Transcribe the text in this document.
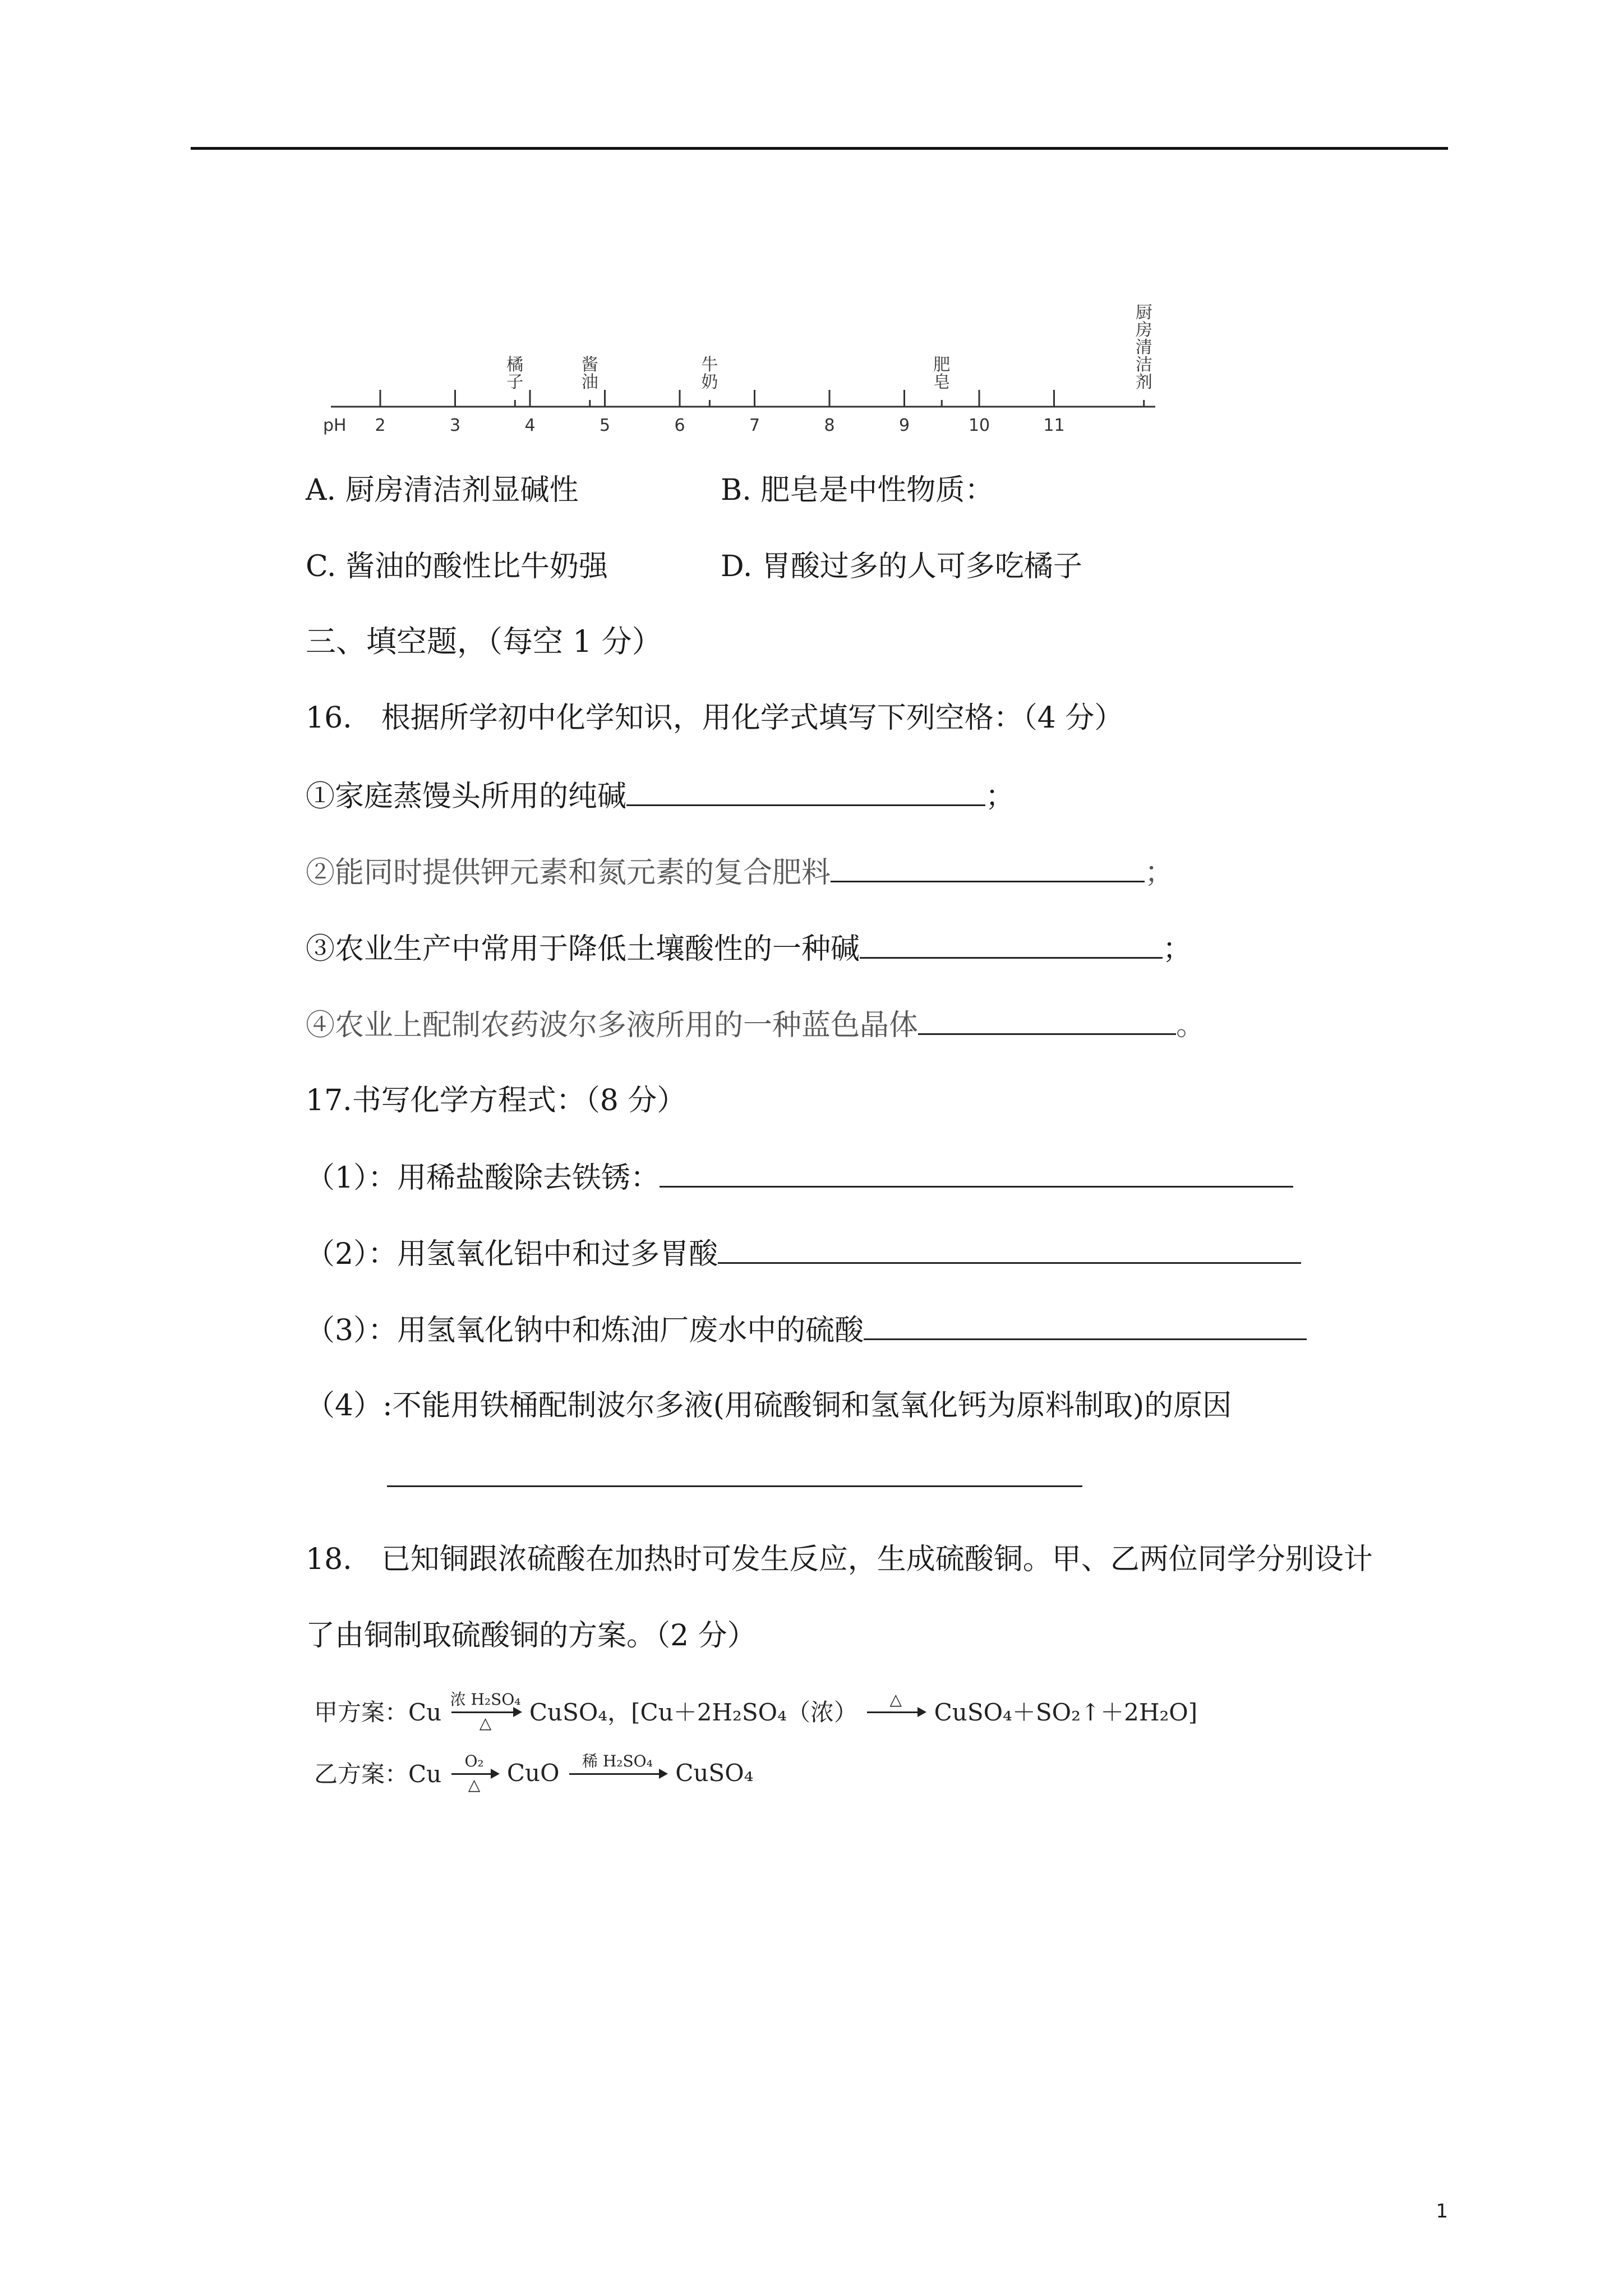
pH 2	3	4	5	6	7	8	9	10	11
橘子
酱油
牛奶
肥皂
厨房清洁剂
A. 厨房清洁剂显碱性	B. 肥皂是中性物质：
C. 酱油的酸性比牛奶强	D. 胃酸过多的人可多吃橘子
三、填空题，（每空 1 分）
16.　根据所学初中化学知识，用化学式填写下列空格：（4 分）
①家庭蒸馒头所用的纯碱	；
②能同时提供钾元素和氮元素的复合肥料	；
③农业生产中常用于降低土壤酸性的一种碱	；
④农业上配制农药波尔多液所用的一种蓝色晶体	。
17.书写化学方程式：（8 分）
（1）：用稀盐酸除去铁锈：
（2）：用氢氧化铝中和过多胃酸
（3）：用氢氧化钠中和炼油厂废水中的硫酸
（4）:不能用铁桶配制波尔多液(用硫酸铜和氢氧化钙为原料制取)的原因
18.　已知铜跟浓硫酸在加热时可发生反应，生成硫酸铜。甲、乙两位同学分别设计
了由铜制取硫酸铜的方案。（2 分）
甲方案：Cu 浓 H₂SO₄
△	CuSO₄，[Cu＋2H₂SO₄（浓）	△	CuSO₄＋SO₂↑＋2H₂O]
乙方案：Cu	O₂
△	CuO	稀 H₂SO₄ CuSO₄
1
